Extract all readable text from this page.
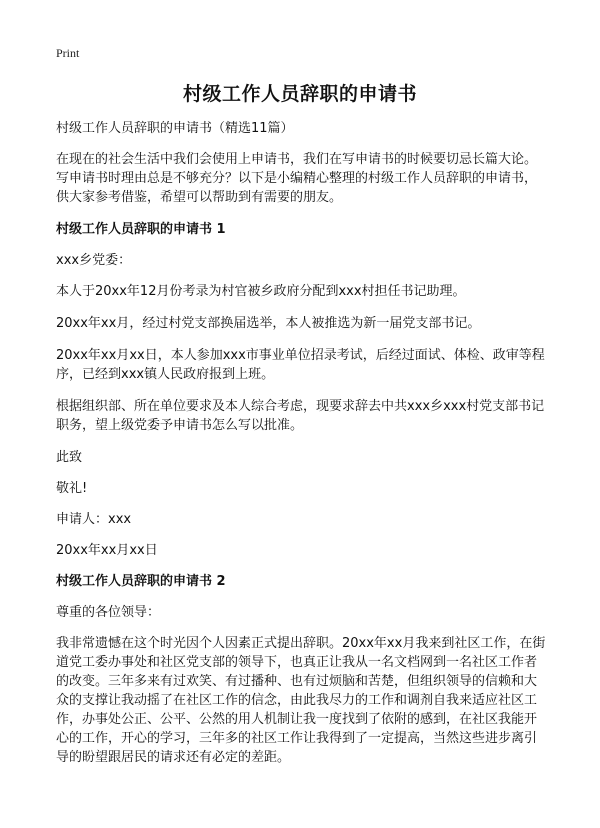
Print
村级工作人员辞职的申请书
村级工作人员辞职的申请书（精选11篇）

在现在的社会生活中我们会使用上申请书，我们在写申请书的时候要切忌长篇大论。写申请书时理由总是不够充分？以下是小编精心整理的村级工作人员辞职的申请书，供大家参考借鉴，希望可以帮助到有需要的朋友。

村级工作人员辞职的申请书 1

xxx乡党委：

本人于20xx年12月份考录为村官被乡政府分配到xxx村担任书记助理。

20xx年xx月，经过村党支部换届选举，本人被推选为新一届党支部书记。

20xx年xx月xx日，本人参加xxx市事业单位招录考试，后经过面试、体检、政审等程序，已经到xxx镇人民政府报到上班。

根据组织部、所在单位要求及本人综合考虑，现要求辞去中共xxx乡xxx村党支部书记职务，望上级党委予申请书怎么写以批准。

此致

敬礼!

申请人：xxx

20xx年xx月xx日

村级工作人员辞职的申请书 2

尊重的各位领导：

我非常遗憾在这个时光因个人因素正式提出辞职。20xx年xx月我来到社区工作，在街道党工委办事处和社区党支部的领导下，也真正让我从一名文档网到一名社区工作者的改变。三年多来有过欢笑、有过播种、也有过烦脑和苦楚，但组织领导的信赖和大众的支撑让我动摇了在社区工作的信念，由此我尽力的工作和调剂自我来适应社区工作，办事处公正、公平、公然的用人机制让我一度找到了依附的感到，在社区我能开心的工作，开心的学习，三年多的社区工作让我得到了一定提高，当然这些进步离引导的盼望跟居民的请求还有必定的差距。
